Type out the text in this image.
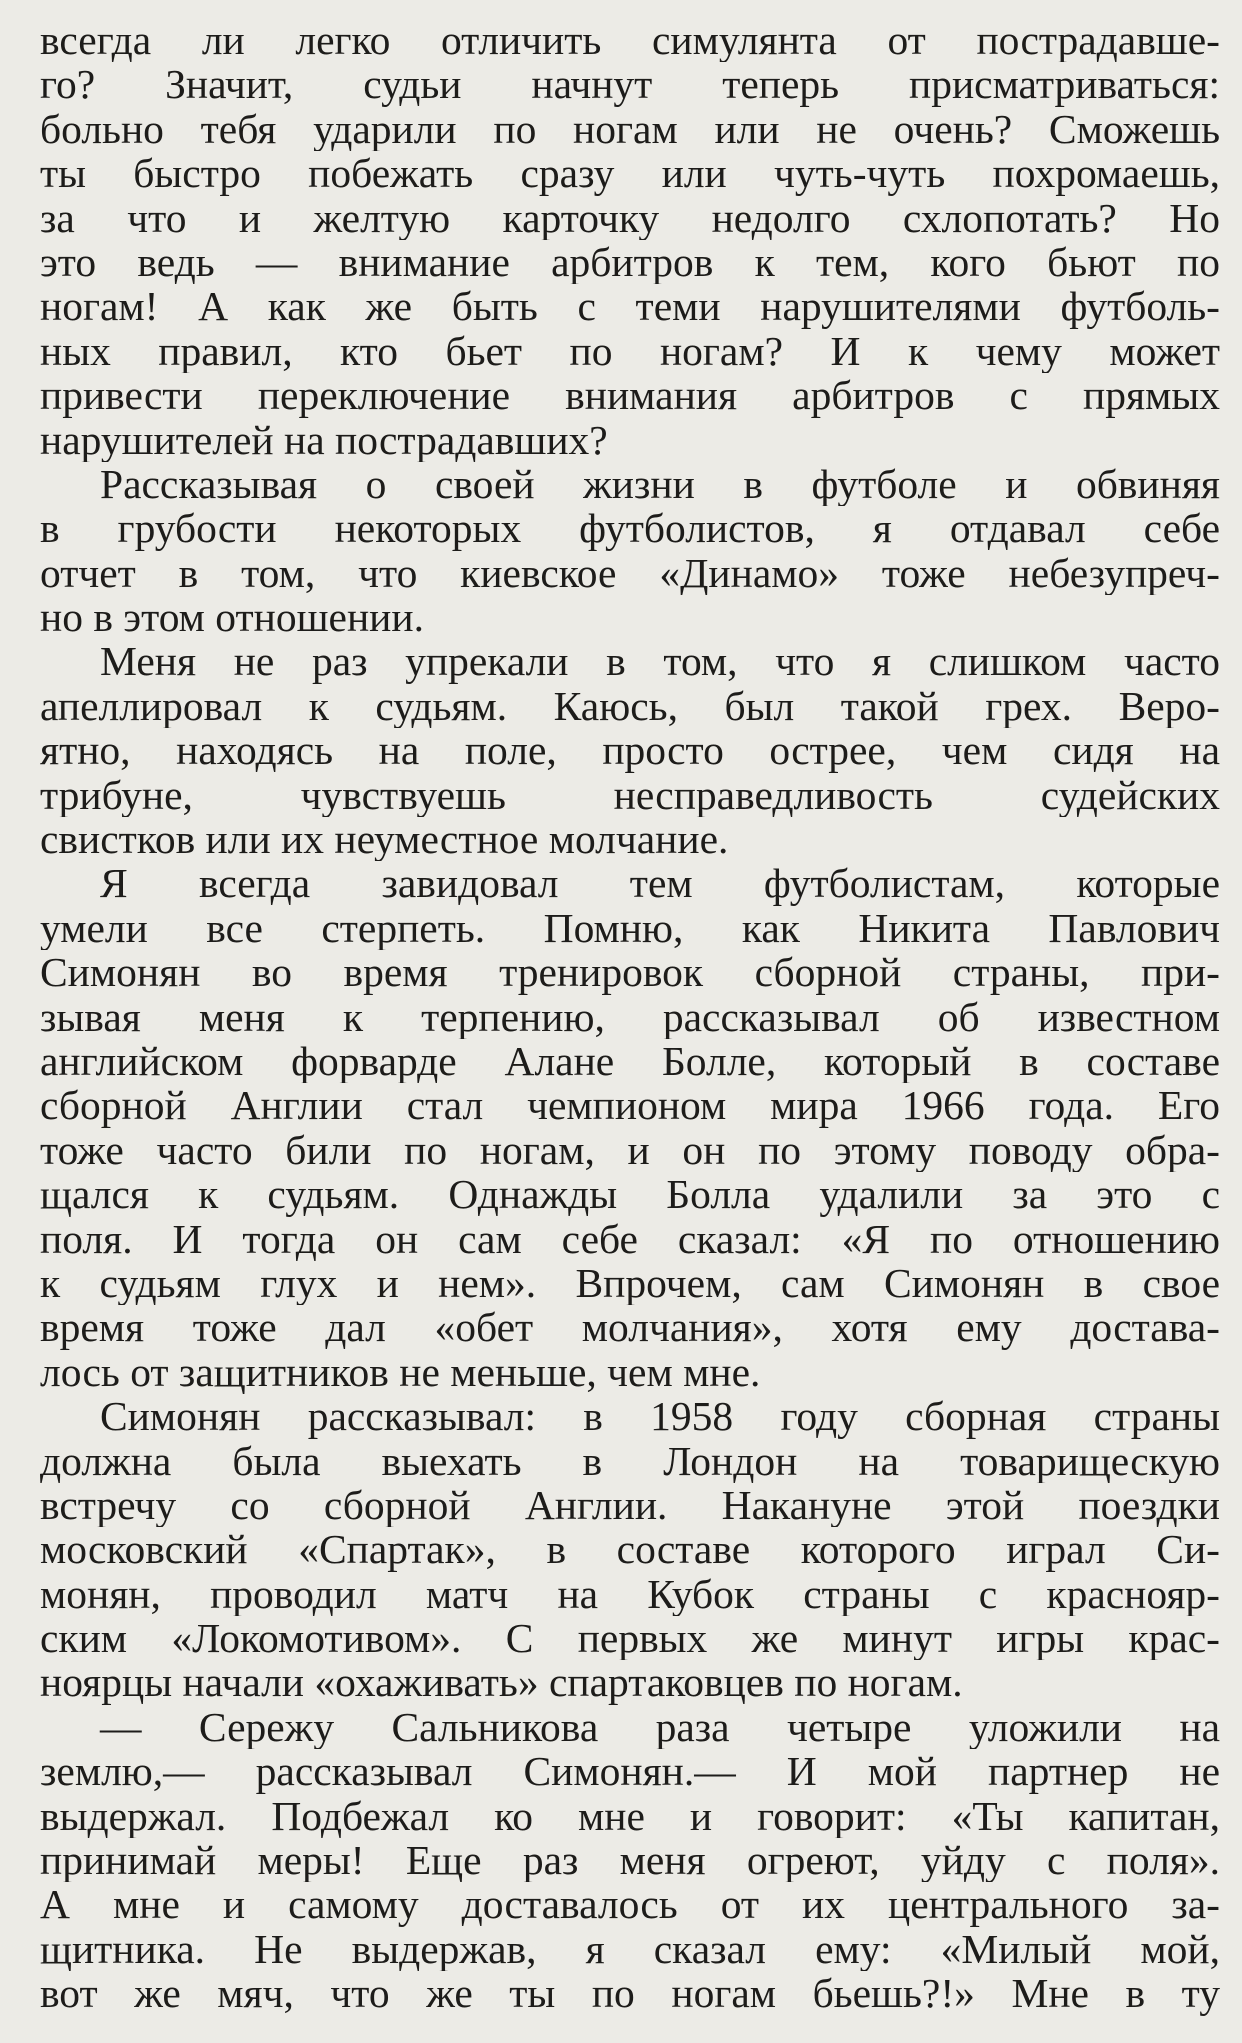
всегда ли легко отличить симулянта от пострадавше-
го? Значит, судьи начнут теперь присматриваться:
больно тебя ударили по ногам или не очень? Сможешь
ты быстро побежать сразу или чуть-чуть похромаешь,
за что и желтую карточку недолго схлопотать? Но
это ведь — внимание арбитров к тем, кого бьют по
ногам! А как же быть с теми нарушителями футболь-
ных правил, кто бьет по ногам? И к чему может
привести переключение внимания арбитров с прямых
нарушителей на пострадавших?
Рассказывая о своей жизни в футболе и обвиняя
в грубости некоторых футболистов, я отдавал себе
отчет в том, что киевское «Динамо» тоже небезупреч-
но в этом отношении.
Меня не раз упрекали в том, что я слишком часто
апеллировал к судьям. Каюсь, был такой грех. Веро-
ятно, находясь на поле, просто острее, чем сидя на
трибуне, чувствуешь несправедливость судейских
свистков или их неуместное молчание.
Я всегда завидовал тем футболистам, которые
умели все стерпеть. Помню, как Никита Павлович
Симонян во время тренировок сборной страны, при-
зывая меня к терпению, рассказывал об известном
английском форварде Алане Болле, который в составе
сборной Англии стал чемпионом мира 1966 года. Его
тоже часто били по ногам, и он по этому поводу обра-
щался к судьям. Однажды Болла удалили за это с
поля. И тогда он сам себе сказал: «Я по отношению
к судьям глух и нем». Впрочем, сам Симонян в свое
время тоже дал «обет молчания», хотя ему достава-
лось от защитников не меньше, чем мне.
Симонян рассказывал: в 1958 году сборная страны
должна была выехать в Лондон на товарищескую
встречу со сборной Англии. Накануне этой поездки
московский «Спартак», в составе которого играл Си-
монян, проводил матч на Кубок страны с краснояр-
ским «Локомотивом». С первых же минут игры крас-
ноярцы начали «охаживать» спартаковцев по ногам.
— Сережу Сальникова раза четыре уложили на
землю,— рассказывал Симонян.— И мой партнер не
выдержал. Подбежал ко мне и говорит: «Ты капитан,
принимай меры! Еще раз меня огреют, уйду с поля».
А мне и самому доставалось от их центрального за-
щитника. Не выдержав, я сказал ему: «Милый мой,
вот же мяч, что же ты по ногам бьешь?!» Мне в ту
